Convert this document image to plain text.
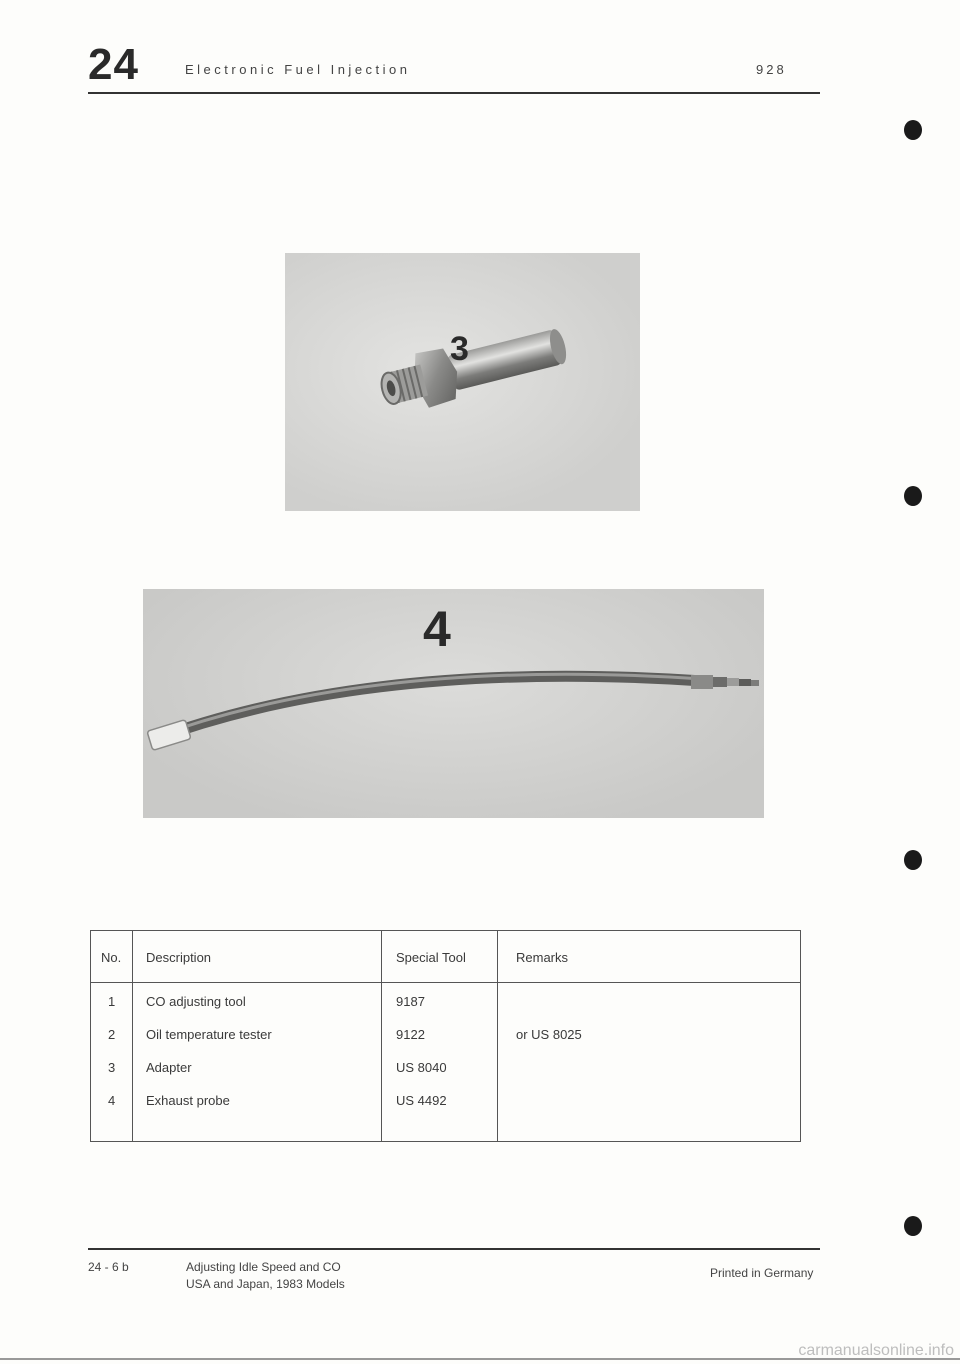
24	Electronic Fuel Injection	928
3
4
No. Description	Special Tool	Remarks
1 CO adjusting tool	9187
2 Oil temperature tester	9122	or US 8025
3 Adapter	US 8040
4 Exhaust probe	US 4492
24 - 6 b	Adjusting Idle Speed and CO
USA and Japan, 1983 Models
Printed in Germany
carmanualsonline.info
